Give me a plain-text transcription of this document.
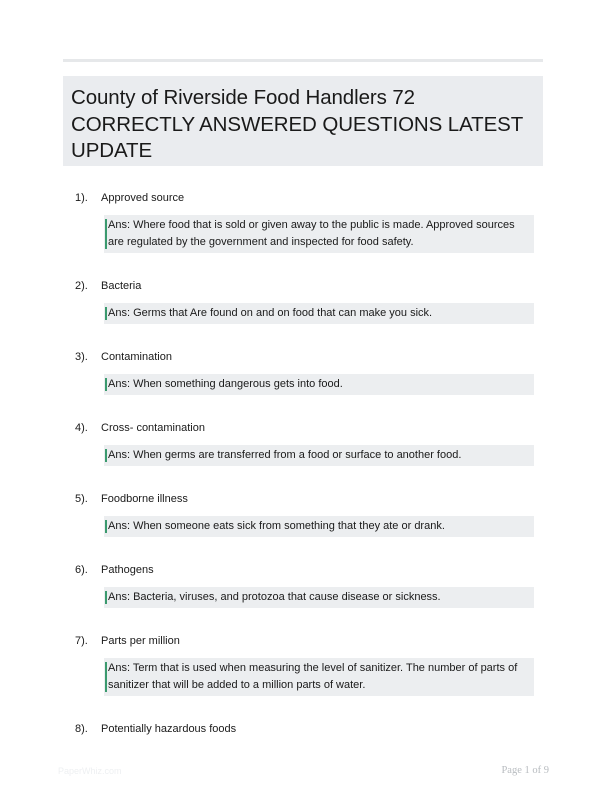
County of Riverside Food Handlers 72 CORRECTLY ANSWERED QUESTIONS LATEST UPDATE
1). Approved source
Ans: Where food that is sold or given away to the public is made. Approved sources are regulated by the government and inspected for food safety.
2). Bacteria
Ans: Germs that Are found on and on food that can make you sick.
3). Contamination
Ans: When something dangerous gets into food.
4). Cross- contamination
Ans: When germs are transferred from a food or surface to another food.
5). Foodborne illness
Ans: When someone eats sick from something that they ate or drank.
6). Pathogens
Ans: Bacteria, viruses, and protozoa that cause disease or sickness.
7). Parts per million
Ans: Term that is used when measuring the level of sanitizer. The number of parts of sanitizer that will be added to a million parts of water.
8). Potentially hazardous foods
PaperWhiz.com	Page 1 of 9
